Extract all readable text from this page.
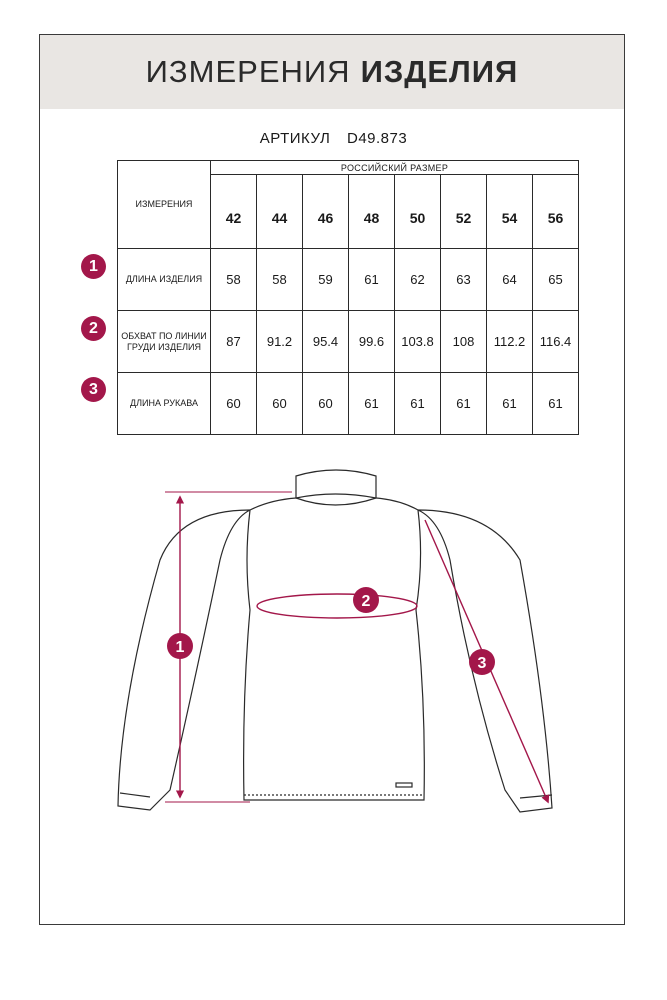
ИЗМЕРЕНИЯ ИЗДЕЛИЯ
АРТИКУЛ D49.873
ИЗМЕРЕНИЯ	РОССИЙСКИЙ РАЗМЕР							
	42	44	46	48	50	52	54	56
ДЛИНА ИЗДЕЛИЯ	58	58	59	61	62	63	64	65
ОБХВАТ ПО ЛИНИИ ГРУДИ ИЗДЕЛИЯ	87	91.2	95.4	99.6	103.8	108	112.2	116.4
ДЛИНА РУКАВА	60	60	60	61	61	61	61	61
1
2
3
1
2
3
